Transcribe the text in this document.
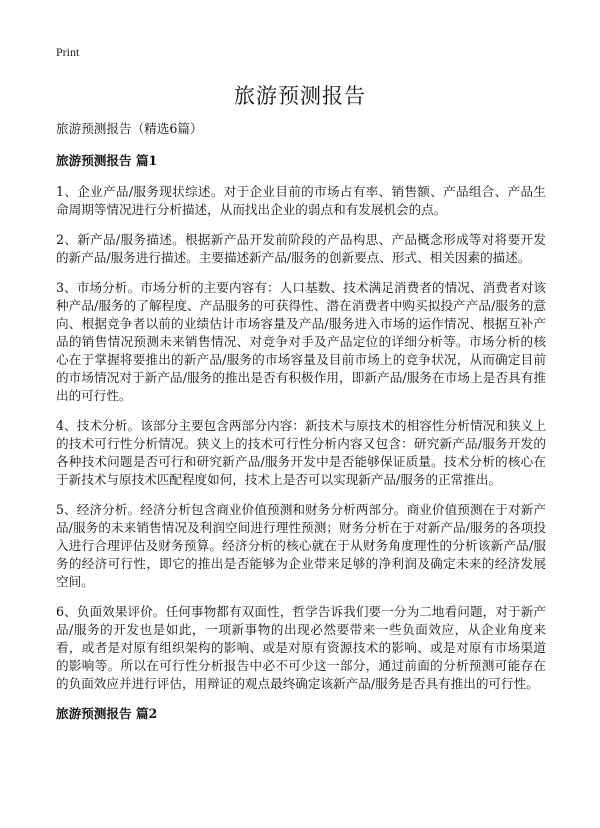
Print
旅游预测报告

旅游预测报告（精选6篇）

旅游预测报告 篇1

1、企业产品/服务现状综述。对于企业目前的市场占有率、销售额、产品组合、产品生命周期等情况进行分析描述，从而找出企业的弱点和有发展机会的点。

2、新产品/服务描述。根据新产品开发前阶段的产品构思、产品概念形成等对将要开发的新产品/服务进行描述。主要描述新产品/服务的创新要点、形式、相关因素的描述。

3、市场分析。市场分析的主要内容有：人口基数、技术满足消费者的情况、消费者对该种产品/服务的了解程度、产品服务的可获得性、潜在消费者中购买拟投产产品/服务的意向、根据竞争者以前的业绩估计市场容量及产品/服务进入市场的运作情况、根据互补产品的销售情况预测未来销售情况、对竞争对手及产品定位的详细分析等。市场分析的核心在于掌握将要推出的新产品/服务的市场容量及目前市场上的竞争状况，从而确定目前的市场情况对于新产品/服务的推出是否有积极作用，即新产品/服务在市场上是否具有推出的可行性。

4、技术分析。该部分主要包含两部分内容：新技术与原技术的相容性分析情况和狭义上的技术可行性分析情况。狭义上的技术可行性分析内容又包含：研究新产品/服务开发的各种技术问题是否可行和研究新产品/服务开发中是否能够保证质量。技术分析的核心在于新技术与原技术匹配程度如何，技术上是否可以实现新产品/服务的正常推出。

5、经济分析。经济分析包含商业价值预测和财务分析两部分。商业价值预测在于对新产品/服务的未来销售情况及利润空间进行理性预测；财务分析在于对新产品/服务的各项投入进行合理评估及财务预算。经济分析的核心就在于从财务角度理性的分析该新产品/服务的经济可行性，即它的推出是否能够为企业带来足够的净利润及确定未来的经济发展空间。

6、负面效果评价。任何事物都有双面性，哲学告诉我们要一分为二地看问题，对于新产品/服务的开发也是如此，一项新事物的出现必然要带来一些负面效应，从企业角度来看，或者是对原有组织架构的影响、或是对原有资源技术的影响、或是对原有市场渠道的影响等。所以在可行性分析报告中必不可少这一部分，通过前面的分析预测可能存在的负面效应并进行评估，用辩证的观点最终确定该新产品/服务是否具有推出的可行性。

旅游预测报告 篇2
